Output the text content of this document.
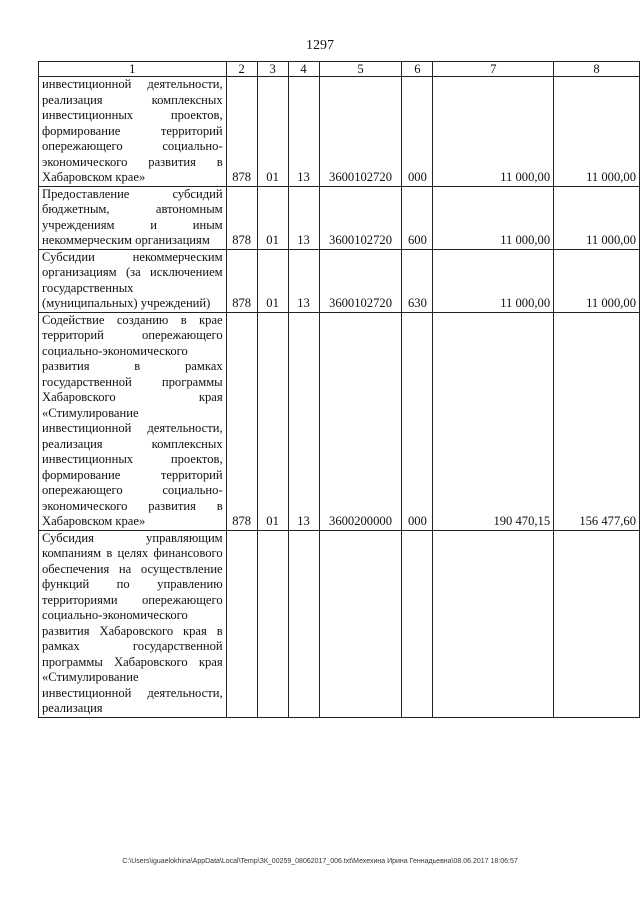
1297
1	2	3	4	5	6	7	8
инвестиционной деятельности, реализация комплексных инвестиционных проектов, формирование территорий опережающего социально-экономического развития в Хабаровском крае»	878	01	13	3600102720	000	11 000,00	11 000,00
Предоставление субсидий бюджетным, автономным учреждениям и иным некоммерческим организациям	878	01	13	3600102720	600	11 000,00	11 000,00
Субсидии некоммерческим организациям (за исключением государственных (муниципальных) учреждений)	878	01	13	3600102720	630	11 000,00	11 000,00
Содействие созданию в крае территорий опережающего социально-экономического развития в рамках государственной программы Хабаровского края «Стимулирование инвестиционной деятельности, реализация комплексных инвестиционных проектов, формирование территорий опережающего социально-экономического развития в Хабаровском крае»	878	01	13	3600200000	000	190 470,15	156 477,60
Субсидия управляющим компаниям в целях финансового обеспечения на осуществление функций по управлению территориями опережающего социально-экономического развития Хабаровского края в рамках государственной программы Хабаровского края «Стимулирование инвестиционной деятельности, реализация							
C:\Users\iguaelokhina\AppData\Local\Temp\ЗК_00259_08062017_006.txt\Мехехина Ирина Геннадьевна\08.06.2017 18:06:57
